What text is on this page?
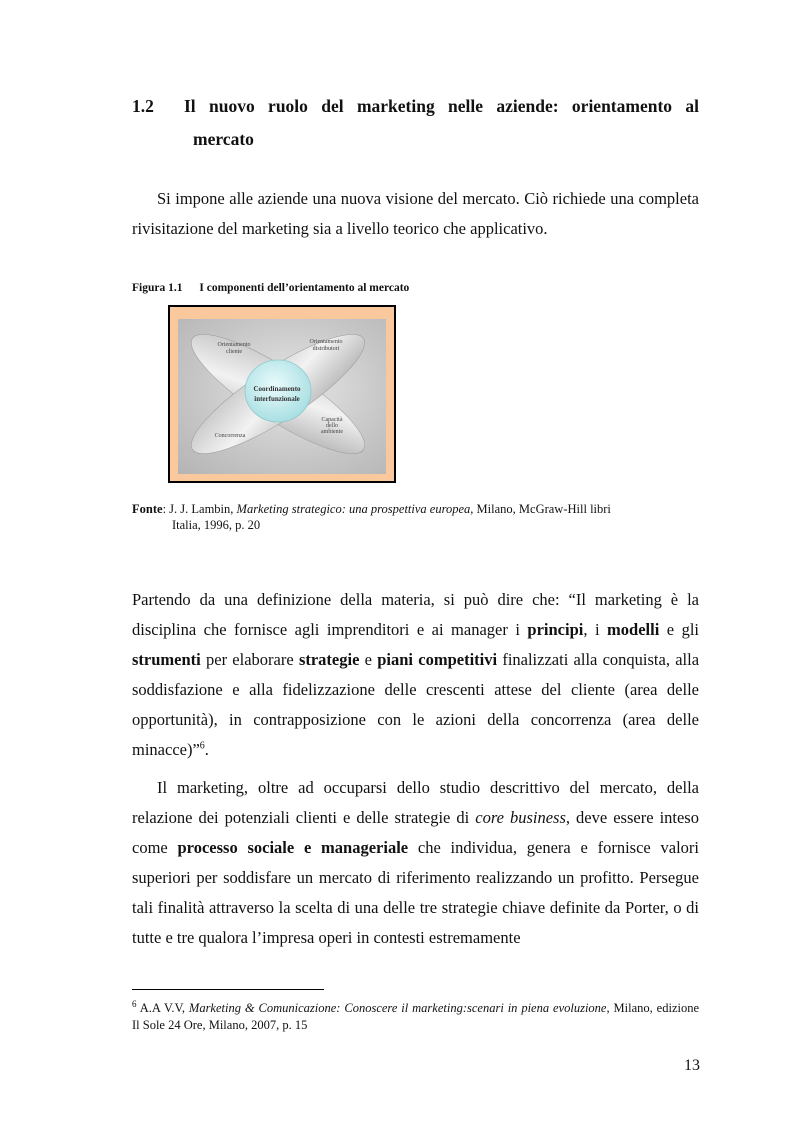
1.2	Il nuovo ruolo del marketing nelle aziende: orientamento al
mercato
Si impone alle aziende una nuova visione del mercato. Ciò richiede una completa rivisitazione del marketing sia a livello teorico che applicativo.
Figura 1.1 I componenti dell’orientamento al mercato
Orientamento
cliente
Orientamento
distributori
Concorrenza
Capacità
dello
ambiente
Coordinamento
interfunzionale
Fonte: J. J. Lambin, Marketing strategico: una prospettiva europea, Milano, McGraw-Hill libri
Italia, 1996, p. 20
Partendo da una definizione della materia, si può dire che: “Il marketing è la disciplina che fornisce agli imprenditori e ai manager i principi, i modelli e gli strumenti per elaborare strategie e piani competitivi finalizzati alla conquista, alla soddisfazione e alla fidelizzazione delle crescenti attese del cliente (area delle opportunità), in contrapposizione con le azioni della concorrenza (area delle minacce)”$^6$.
Il marketing, oltre ad occuparsi dello studio descrittivo del mercato, della relazione dei potenziali clienti e delle strategie di core business, deve essere inteso come processo sociale e manageriale che individua, genera e fornisce valori superiori per soddisfare un mercato di riferimento realizzando un profitto. Persegue tali finalità attraverso la scelta di una delle tre strategie chiave definite da Porter, o di tutte e tre qualora l’impresa operi in contesti estremamente
$^6$ A.A V.V, Marketing & Comunicazione: Conoscere il marketing:scenari in piena evoluzione, Milano, edizione Il Sole 24 Ore, Milano, 2007, p. 15
13
